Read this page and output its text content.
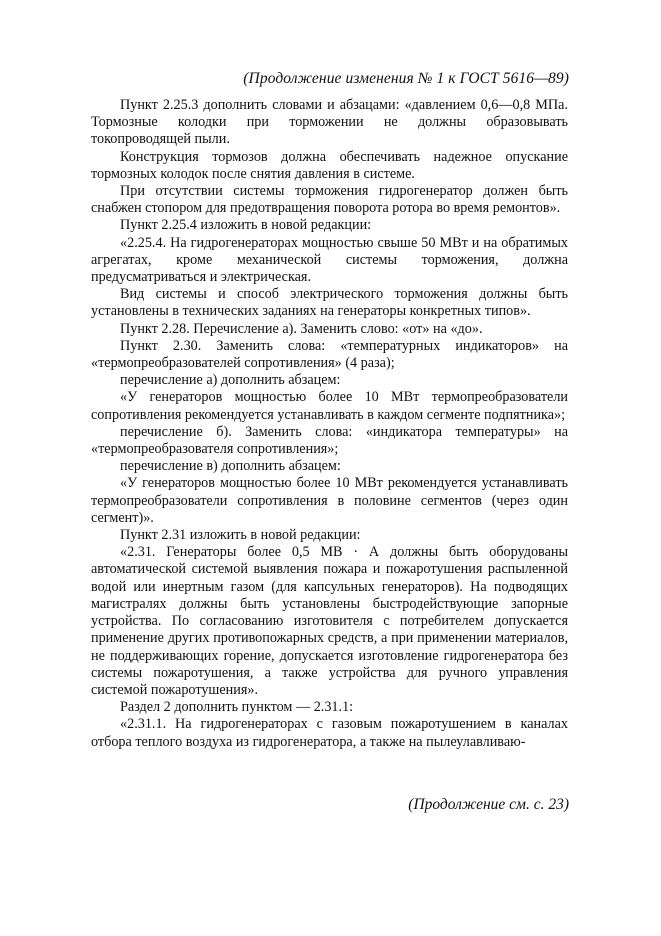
(Продолжение изменения № 1 к ГОСТ 5616—89)

Пункт 2.25.3 дополнить словами и абзацами: «давлением 0,6—0,8 МПа. Тормозные колодки при торможении не должны образовывать токопроводящей пыли.

Конструкция тормозов должна обеспечивать надежное опускание тормозных колодок после снятия давления в системе.

При отсутствии системы торможения гидрогенератор должен быть снабжен стопором для предотвращения поворота ротора во время ремонтов».

Пункт 2.25.4 изложить в новой редакции:

«2.25.4. На гидрогенераторах мощностью свыше 50 МВт и на обратимых агрегатах, кроме механической системы торможения, должна предусматриваться и электрическая.

Вид системы и способ электрического торможения должны быть установлены в технических заданиях на генераторы конкретных типов».

Пункт 2.28. Перечисление а). Заменить слово: «от» на «до».

Пункт 2.30. Заменить слова: «температурных индикаторов» на «термопреобразователей сопротивления» (4 раза);

перечисление а) дополнить абзацем:

«У генераторов мощностью более 10 МВт термопреобразователи сопротивления рекомендуется устанавливать в каждом сегменте подпятника»;

перечисление б). Заменить слова: «индикатора температуры» на «термопреобразователя сопротивления»;

перечисление в) дополнить абзацем:

«У генераторов мощностью более 10 МВт рекомендуется устанавливать термопреобразователи сопротивления в половине сегментов (через один сегмент)».

Пункт 2.31 изложить в новой редакции:

«2.31. Генераторы более 0,5 МВ · А должны быть оборудованы автоматической системой выявления пожара и пожаротушения распыленной водой или инертным газом (для капсульных генераторов). На подводящих магистралях должны быть установлены быстродействующие запорные устройства. По согласованию изготовителя с потребителем допускается применение других противопожарных средств, а при применении материалов, не поддерживающих горение, допускается изготовление гидрогенератора без системы пожаротушения, а также устройства для ручного управления системой пожаротушения».

Раздел 2 дополнить пунктом — 2.31.1:

«2.31.1. На гидрогенераторах с газовым пожаротушением в каналах отбора теплого воздуха из гидрогенератора, а также на пылеулавливаю-

(Продолжение см. с. 23)
